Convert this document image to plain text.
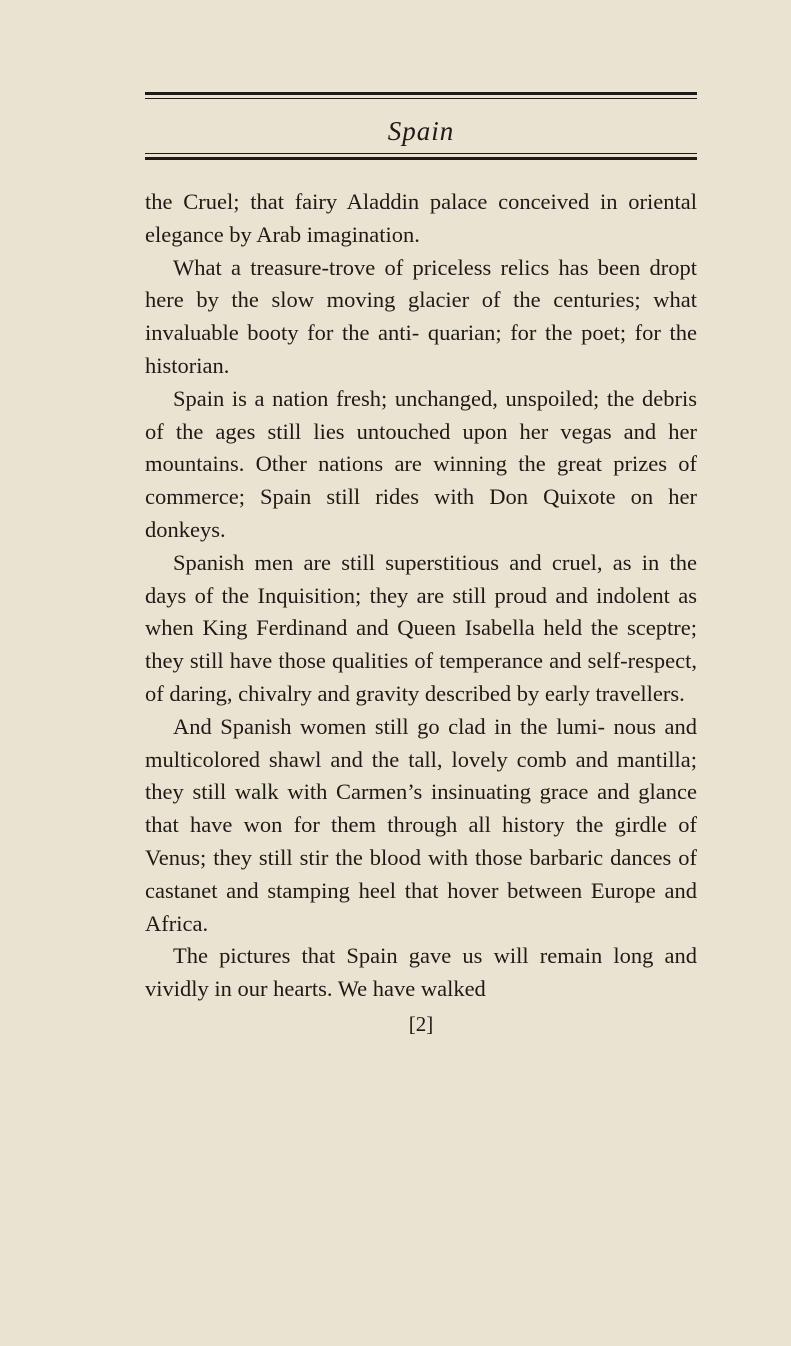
Spain

the Cruel; that fairy Aladdin palace conceived in oriental elegance by Arab imagination.

What a treasure-trove of priceless relics has been dropt here by the slow moving glacier of the centuries; what invaluable booty for the anti- quarian; for the poet; for the historian.

Spain is a nation fresh; unchanged, unspoiled; the debris of the ages still lies untouched upon her vegas and her mountains. Other nations are winning the great prizes of commerce; Spain still rides with Don Quixote on her donkeys.

Spanish men are still superstitious and cruel, as in the days of the Inquisition; they are still proud and indolent as when King Ferdinand and Queen Isabella held the sceptre; they still have those qualities of temperance and self-respect, of daring, chivalry and gravity described by early travellers.

And Spanish women still go clad in the lumi- nous and multicolored shawl and the tall, lovely comb and mantilla; they still walk with Carmen’s insinuating grace and glance that have won for them through all history the girdle of Venus; they still stir the blood with those barbaric dances of castanet and stamping heel that hover between Europe and Africa.

The pictures that Spain gave us will remain long and vividly in our hearts. We have walked

[2]
